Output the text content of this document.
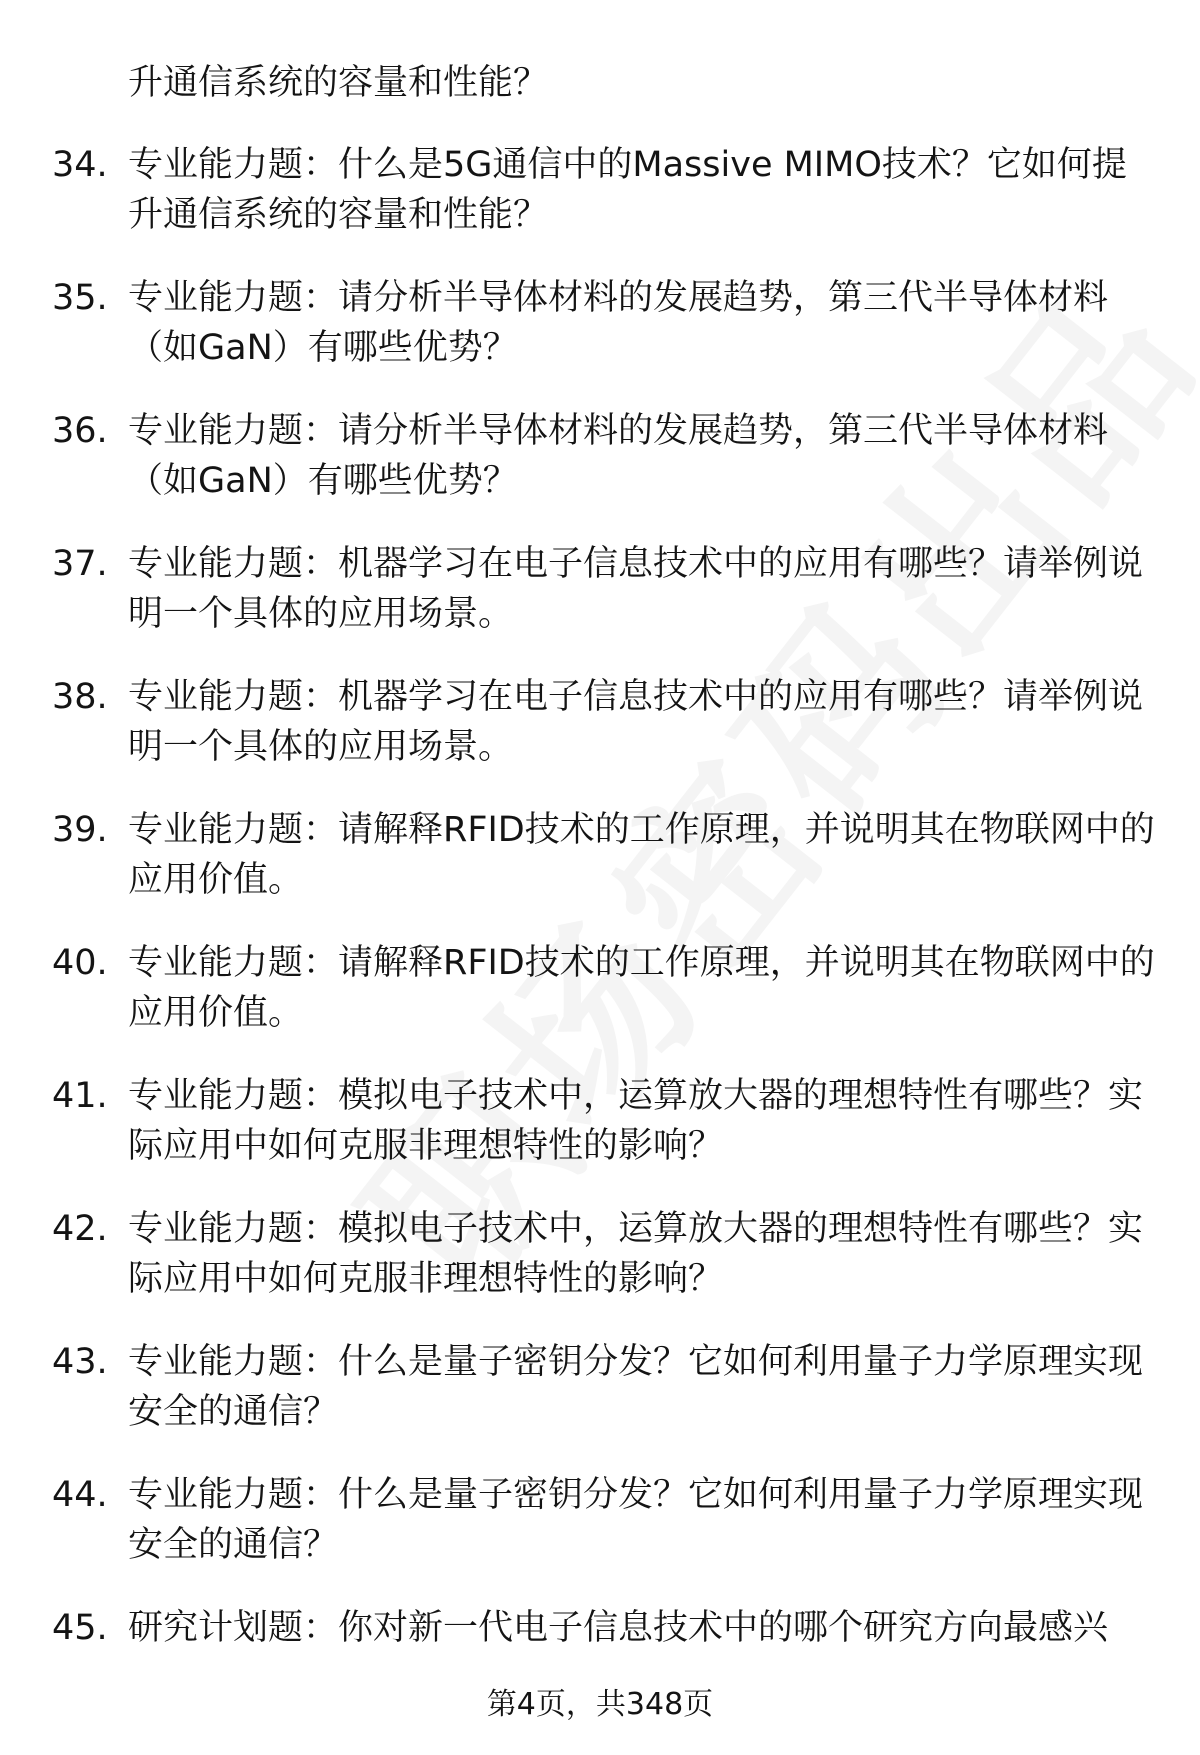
升通信系统的容量和性能？
34. 专业能力题：什么是5G通信中的Massive MIMO技术？它如何提升通信系统的容量和性能？
35. 专业能力题：请分析半导体材料的发展趋势，第三代半导体材料（如GaN）有哪些优势？
36. 专业能力题：请分析半导体材料的发展趋势，第三代半导体材料（如GaN）有哪些优势？
37. 专业能力题：机器学习在电子信息技术中的应用有哪些？请举例说明一个具体的应用场景。
38. 专业能力题：机器学习在电子信息技术中的应用有哪些？请举例说明一个具体的应用场景。
39. 专业能力题：请解释RFID技术的工作原理，并说明其在物联网中的应用价值。
40. 专业能力题：请解释RFID技术的工作原理，并说明其在物联网中的应用价值。
41. 专业能力题：模拟电子技术中，运算放大器的理想特性有哪些？实际应用中如何克服非理想特性的影响？
42. 专业能力题：模拟电子技术中，运算放大器的理想特性有哪些？实际应用中如何克服非理想特性的影响？
43. 专业能力题：什么是量子密钥分发？它如何利用量子力学原理实现安全的通信？
44. 专业能力题：什么是量子密钥分发？它如何利用量子力学原理实现安全的通信？
45. 研究计划题：你对新一代电子信息技术中的哪个研究方向最感兴
第4页，共348页
